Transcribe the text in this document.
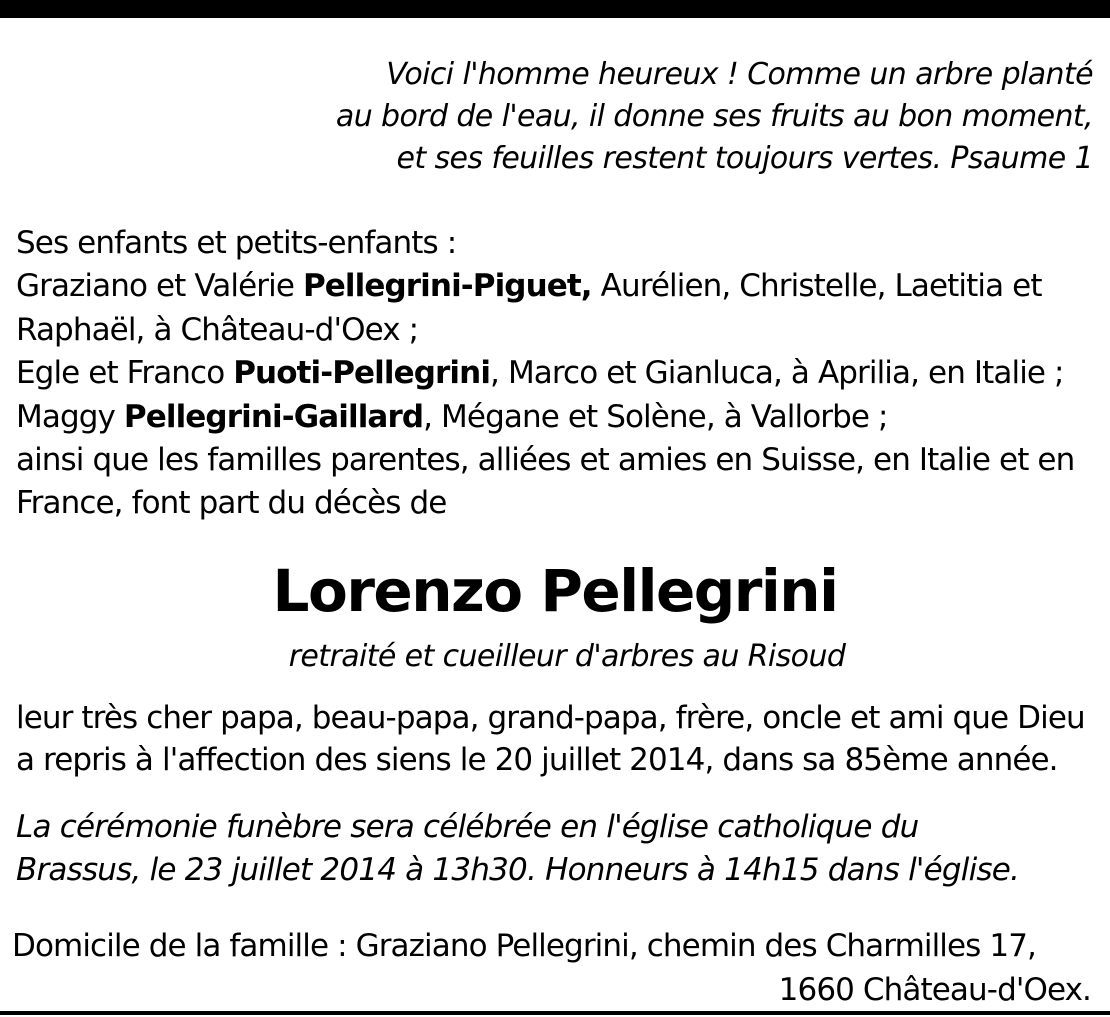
Voici l'homme heureux ! Comme un arbre planté
au bord de l'eau, il donne ses fruits au bon moment,
et ses feuilles restent toujours vertes. Psaume 1
Ses enfants et petits-enfants :
Graziano et Valérie Pellegrini-Piguet, Aurélien, Christelle, Laetitia et
Raphaël, à Château-d'Oex ;
Egle et Franco Puoti-Pellegrini, Marco et Gianluca, à Aprilia, en Italie ;
Maggy Pellegrini-Gaillard, Mégane et Solène, à Vallorbe ;
ainsi que les familles parentes, alliées et amies en Suisse, en Italie et en
France, font part du décès de
Lorenzo Pellegrini
retraité et cueilleur d'arbres au Risoud
leur très cher papa, beau-papa, grand-papa, frère, oncle et ami que Dieu
a repris à l'affection des siens le 20 juillet 2014, dans sa 85ème année.
La cérémonie funèbre sera célébrée en l'église catholique du
Brassus, le 23 juillet 2014 à 13h30. Honneurs à 14h15 dans l'église.
Domicile de la famille : Graziano Pellegrini, chemin des Charmilles 17,
1660 Château-d'Oex.
